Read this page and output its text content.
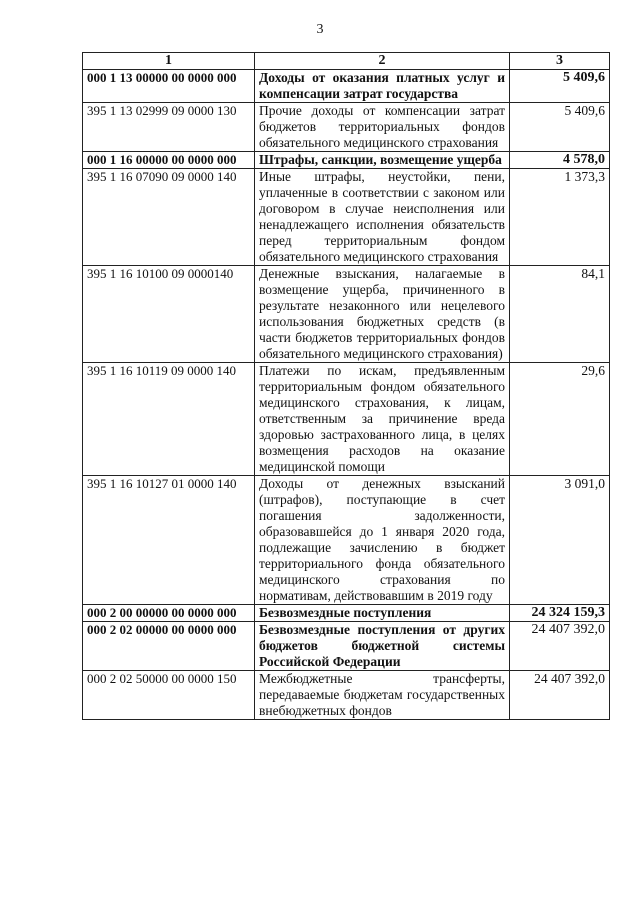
3
1	2	3
000 1 13 00000 00 0000 000	Доходы от оказания платных услуг и компенсации затрат государства	5 409,6
395 1 13 02999 09 0000 130	Прочие доходы от компенсации затрат бюджетов территориальных фондов обязательного медицинского страхования	5 409,6
000 1 16 00000 00 0000 000	Штрафы, санкции, возмещение ущерба	4 578,0
395 1 16 07090 09 0000 140	Иные штрафы, неустойки, пени, уплаченные в соответствии с законом или договором в случае неисполнения или ненадлежащего исполнения обязательств перед территориальным фондом обязательного медицинского страхования	1 373,3
395 1 16 10100 09 0000140	Денежные взыскания, налагаемые в возмещение ущерба, причиненного в результате незаконного или нецелевого использования бюджетных средств (в части бюджетов территориальных фондов обязательного медицинского страхования)	84,1
395 1 16 10119 09 0000 140	Платежи по искам, предъявленным территориальным фондом обязательного медицинского страхования, к лицам, ответственным за причинение вреда здоровью застрахованного лица, в целях возмещения расходов на оказание медицинской помощи	29,6
395 1 16 10127 01 0000 140	Доходы от денежных взысканий (штрафов), поступающие в счет погашения задолженности, образовавшейся до 1 января 2020 года, подлежащие зачислению в бюджет территориального фонда обязательного медицинского страхования по нормативам, действовавшим в 2019 году	3 091,0
000 2 00 00000 00 0000 000	Безвозмездные поступления	24 324 159,3
000 2 02 00000 00 0000 000	Безвозмездные поступления от других бюджетов бюджетной системы Российской Федерации	24 407 392,0
000 2 02 50000 00 0000 150	Межбюджетные трансферты, передаваемые бюджетам государственных внебюджетных фондов	24 407 392,0
